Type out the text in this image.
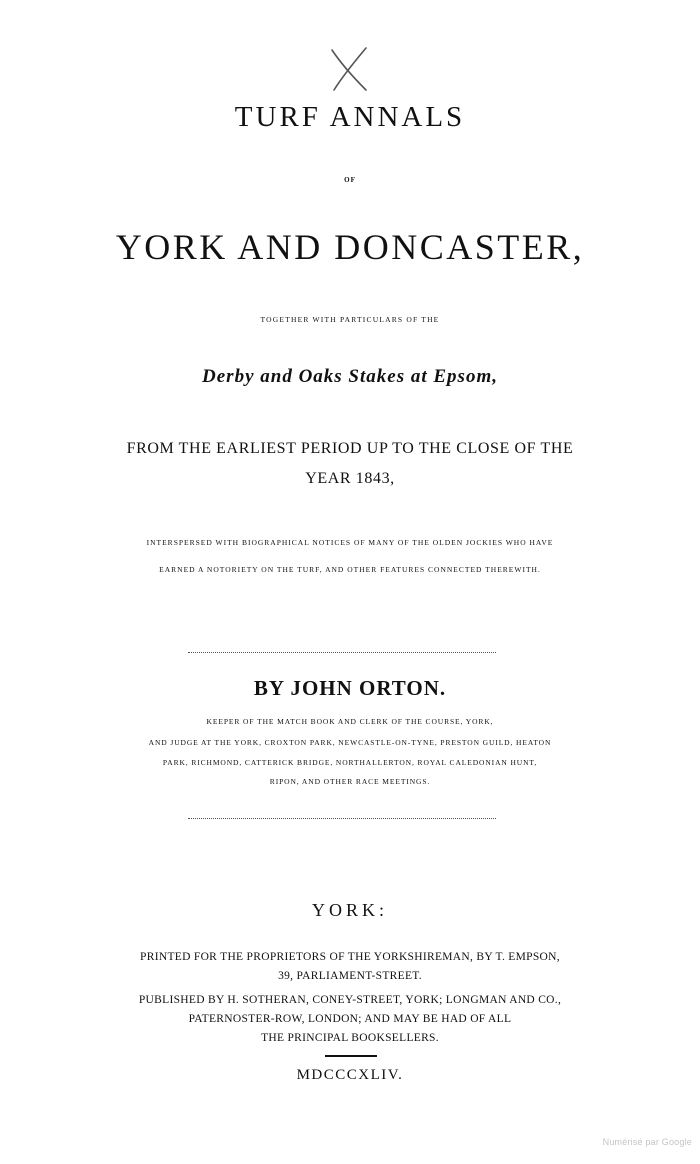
TURF ANNALS
OF
YORK AND DONCASTER,
TOGETHER WITH PARTICULARS OF THE
Derby and Oaks Stakes at Epsom,
FROM THE EARLIEST PERIOD UP TO THE CLOSE OF THE
YEAR 1843,
INTERSPERSED WITH BIOGRAPHICAL NOTICES OF MANY OF THE OLDEN JOCKIES WHO HAVE
EARNED A NOTORIETY ON THE TURF, AND OTHER FEATURES CONNECTED THEREWITH.
BY JOHN ORTON.
KEEPER OF THE MATCH BOOK AND CLERK OF THE COURSE, YORK,
AND JUDGE AT THE YORK, CROXTON PARK, NEWCASTLE-ON-TYNE, PRESTON GUILD, HEATON
PARK, RICHMOND, CATTERICK BRIDGE, NORTHALLERTON, ROYAL CALEDONIAN HUNT,
RIPON, AND OTHER RACE MEETINGS.
YORK:
PRINTED FOR THE PROPRIETORS OF THE YORKSHIREMAN, BY T. EMPSON,
39, PARLIAMENT-STREET.
PUBLISHED BY H. SOTHERAN, CONEY-STREET, YORK; LONGMAN AND CO.,
PATERNOSTER-ROW, LONDON; AND MAY BE HAD OF ALL
THE PRINCIPAL BOOKSELLERS.
MDCCCXLIV.
Numérisé par Google
